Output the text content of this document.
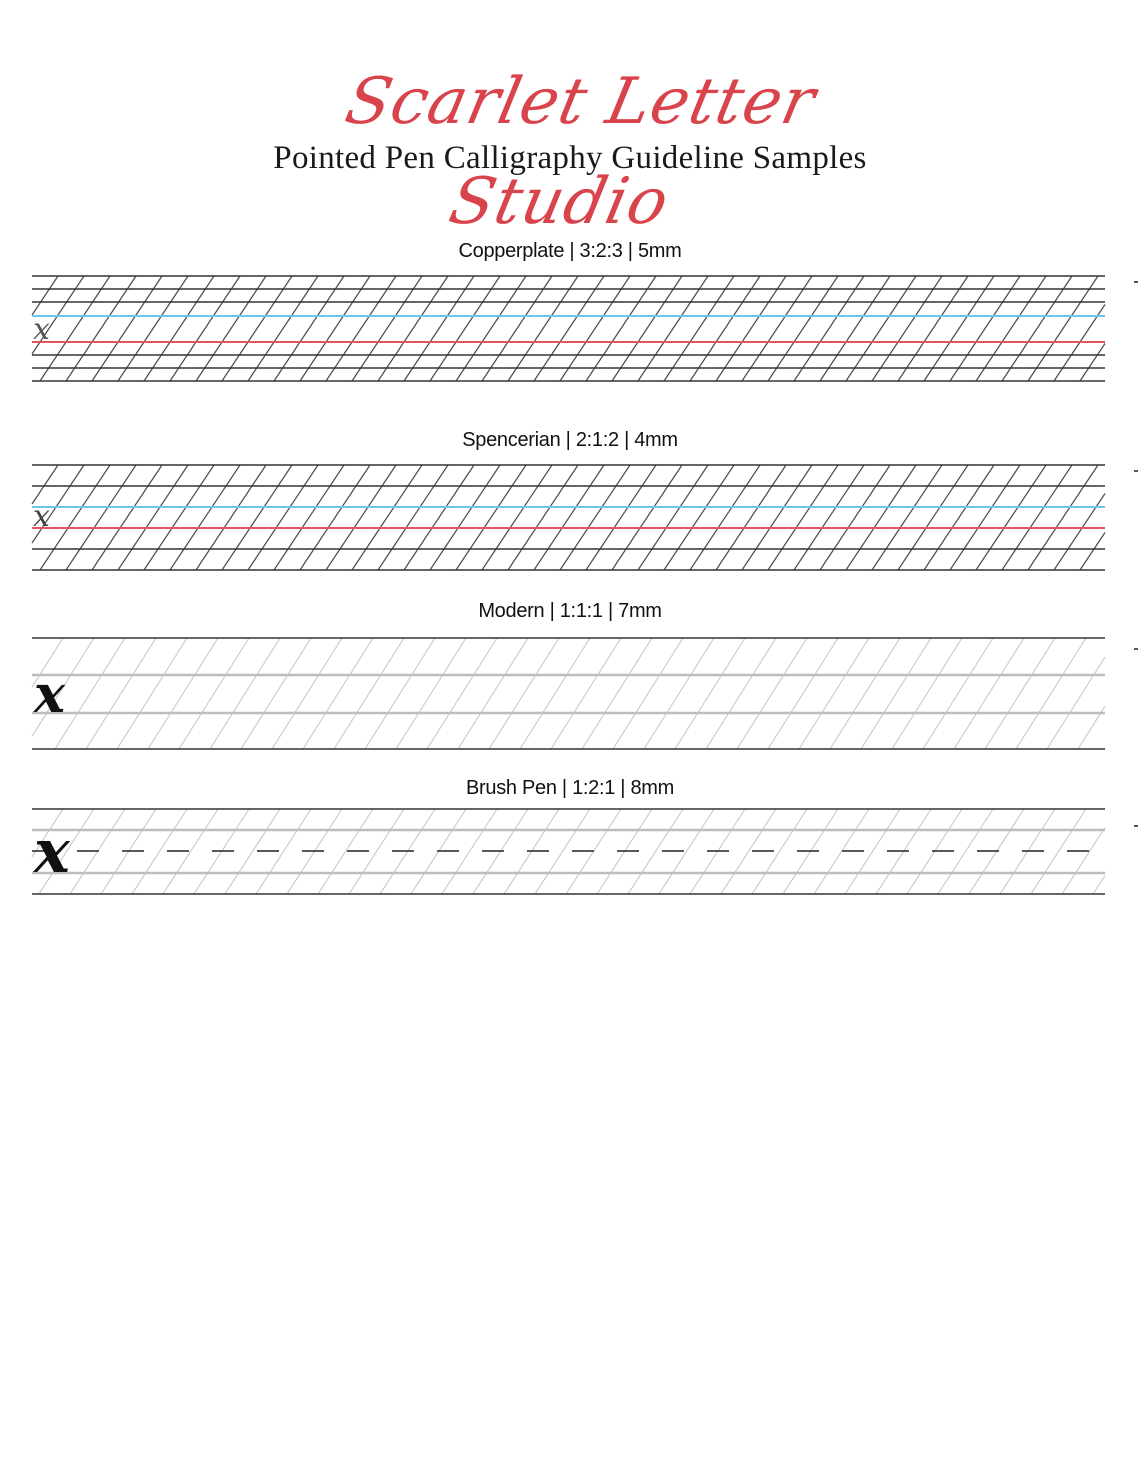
Scarlet Letter Studio
Pointed Pen Calligraphy Guideline Samples
Copperplate | 3:2:3 | 5mm
Spencerian | 2:1:2 | 4mm
Modern | 1:1:1 | 7mm
Brush Pen | 1:2:1 | 8mm
x
x
x
x
